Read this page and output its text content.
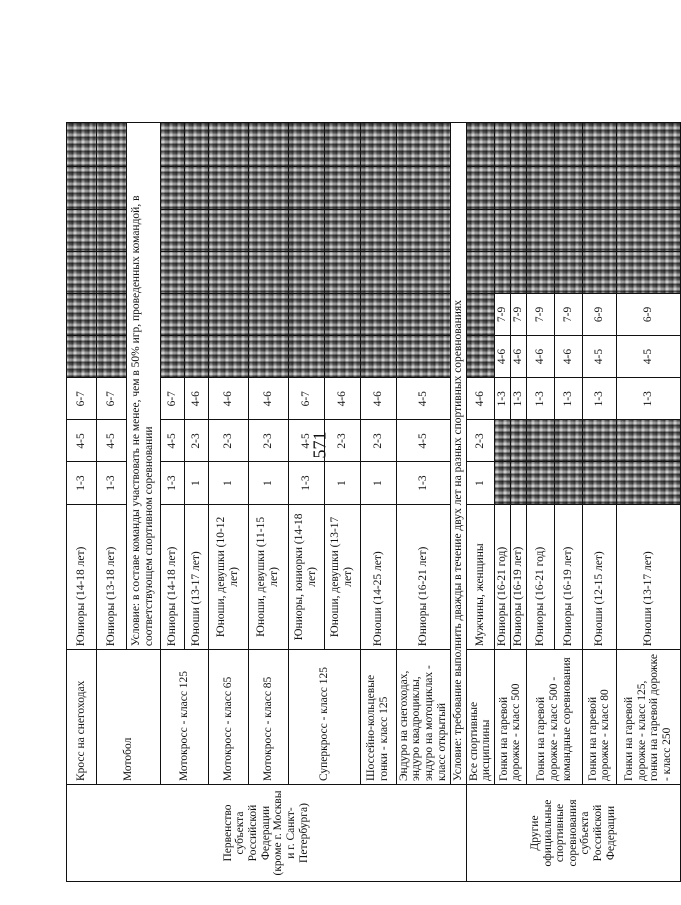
571

Первенство субъекта Российской Федерации (кроме г. Москвы и г. Санкт-Петербурга)	Кросс на снегоходах	Юниоры (14-18 лет)	1-3	4-5	6-7						
	Мотобол	Юниоры (13-18 лет)	1-3	4-5	6-7						
		Условие: в составе команды участвовать не менее, чем в 50% игр, проведенных командой, в соответствующем спортивном соревновании									
	Мотокросс - класс 125	Юниоры (14-18 лет)	1-3	4-5	6-7						
		Юноши (13-17 лет)	1	2-3	4-6						
	Мотокросс - класс 65	Юноши, девушки (10-12 лет)	1	2-3	4-6						
	Мотокросс - класс 85	Юноши, девушки (11-15 лет)	1	2-3	4-6						
	Суперкросс - класс 125	Юниоры, юниорки (14-18 лет)	1-3	4-5	6-7						
		Юноши, девушки (13-17 лет)	1	2-3	4-6						
	Шоссейно-кольцевые гонки - класс 125	Юноши (14-25 лет)	1	2-3	4-6						
	Эндуро на снегоходах, эндуро квадроциклы, эндуро на мотоциклах - класс открытый	Юниоры (16-21 лет)	1-3	4-5	4-5						
	Условие: требование выполнить дважды в течение двух лет на разных спортивных соревнованиях										
Другие официальные спортивные соревнования субъекта Российской Федерации	Все спортивные дисциплины	Мужчины, женщины	1	2-3	4-6						
	Гонки на гаревой дорожке - класс 500	Юниоры (16-21 год)			1-3	4-6	7-9				
		Юниоры (16-19 лет)			1-3	4-6	7-9				
	Гонки на гаревой дорожке - класс 500 - командные соревнования	Юниоры (16-21 год)			1-3	4-6	7-9				
		Юниоры (16-19 лет)			1-3	4-6	7-9				
	Гонки на гаревой дорожке - класс 80	Юноши (12-15 лет)			1-3	4-5	6-9				
	Гонки на гаревой дорожке - класс 125, гонки на гаревой дорожке - класс 250	Юноши (13-17 лет)			1-3	4-5	6-9				
